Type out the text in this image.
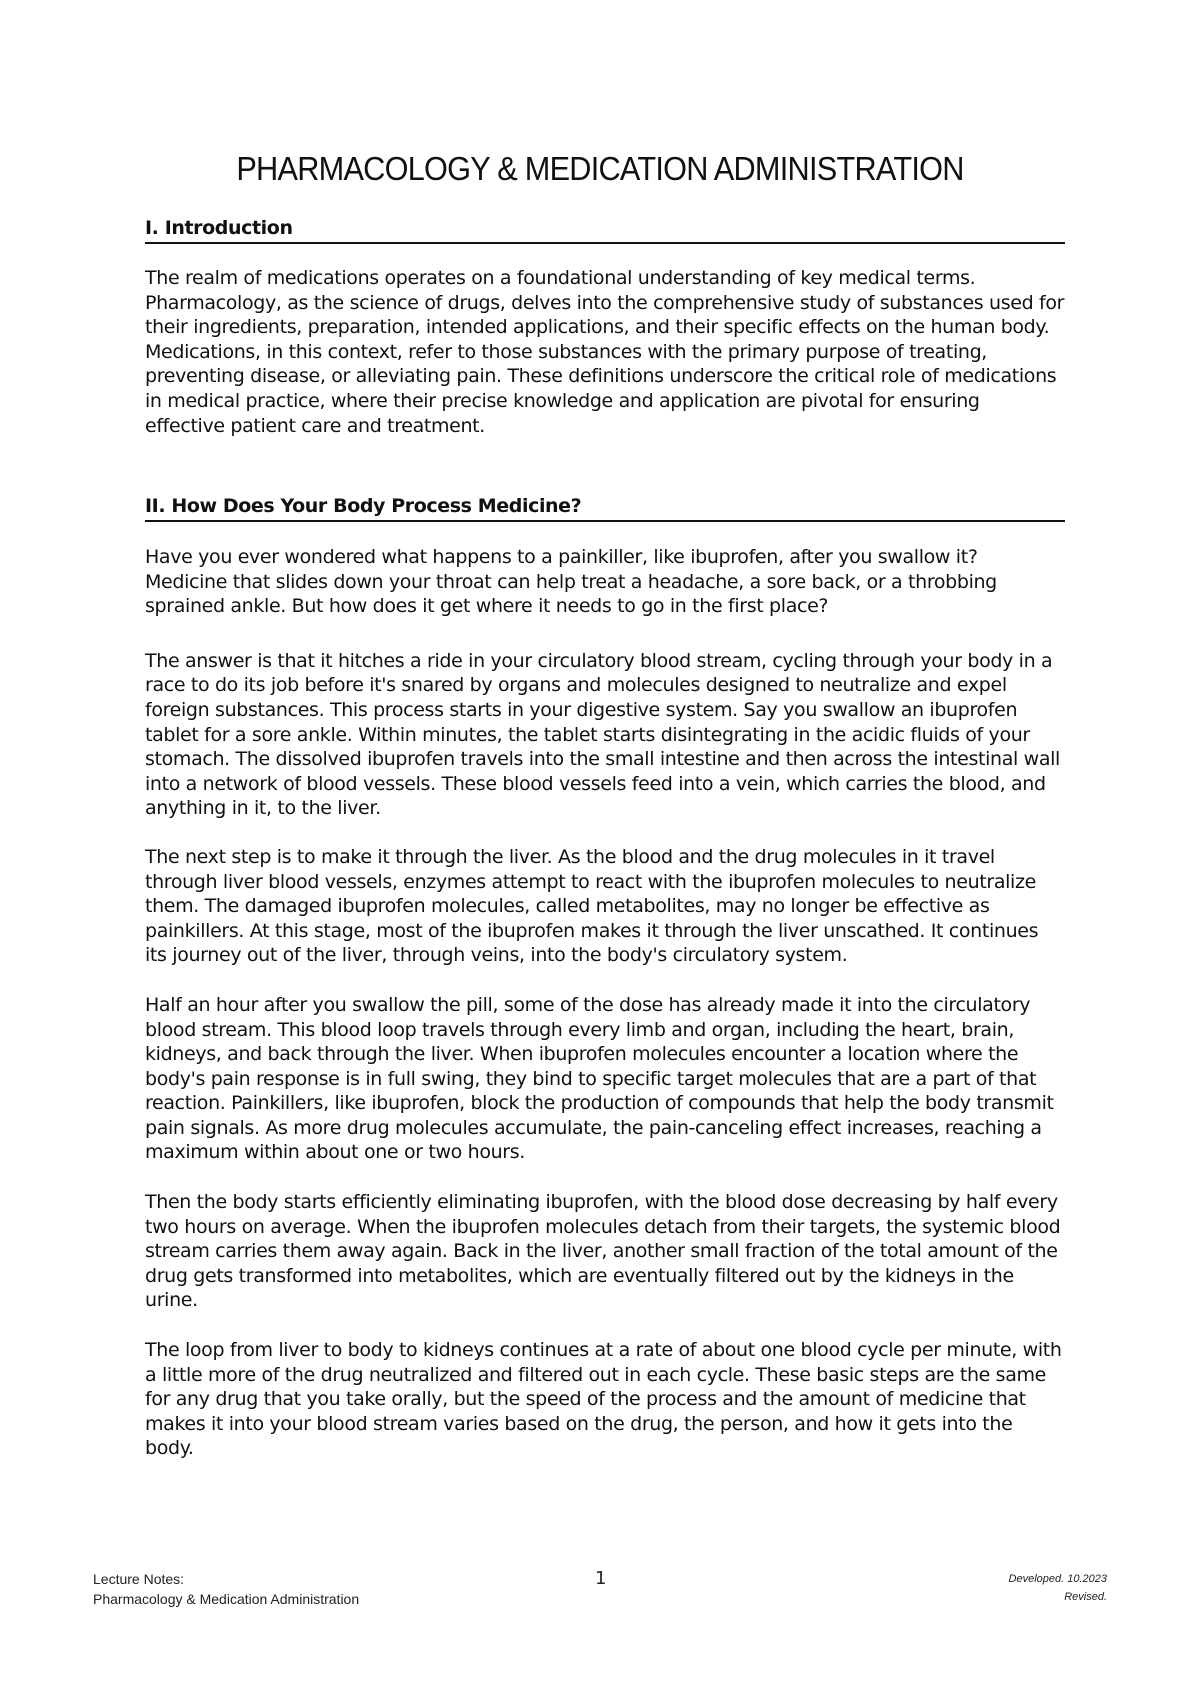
PHARMACOLOGY & MEDICATION ADMINISTRATION
I. Introduction

The realm of medications operates on a foundational understanding of key medical terms. Pharmacology, as the science of drugs, delves into the comprehensive study of substances used for their ingredients, preparation, intended applications, and their specific effects on the human body. Medications, in this context, refer to those substances with the primary purpose of treating, preventing disease, or alleviating pain. These definitions underscore the critical role of medications in medical practice, where their precise knowledge and application are pivotal for ensuring effective patient care and treatment.

II. How Does Your Body Process Medicine?

Have you ever wondered what happens to a painkiller, like ibuprofen, after you swallow it? Medicine that slides down your throat can help treat a headache, a sore back, or a throbbing sprained ankle. But how does it get where it needs to go in the first place?

The answer is that it hitches a ride in your circulatory blood stream, cycling through your body in a race to do its job before it's snared by organs and molecules designed to neutralize and expel foreign substances. This process starts in your digestive system. Say you swallow an ibuprofen tablet for a sore ankle. Within minutes, the tablet starts disintegrating in the acidic fluids of your stomach. The dissolved ibuprofen travels into the small intestine and then across the intestinal wall into a network of blood vessels. These blood vessels feed into a vein, which carries the blood, and anything in it, to the liver.

The next step is to make it through the liver. As the blood and the drug molecules in it travel through liver blood vessels, enzymes attempt to react with the ibuprofen molecules to neutralize them. The damaged ibuprofen molecules, called metabolites, may no longer be effective as painkillers. At this stage, most of the ibuprofen makes it through the liver unscathed. It continues its journey out of the liver, through veins, into the body's circulatory system.

Half an hour after you swallow the pill, some of the dose has already made it into the circulatory blood stream. This blood loop travels through every limb and organ, including the heart, brain, kidneys, and back through the liver. When ibuprofen molecules encounter a location where the body's pain response is in full swing, they bind to specific target molecules that are a part of that reaction. Painkillers, like ibuprofen, block the production of compounds that help the body transmit pain signals. As more drug molecules accumulate, the pain-canceling effect increases, reaching a maximum within about one or two hours.

Then the body starts efficiently eliminating ibuprofen, with the blood dose decreasing by half every two hours on average. When the ibuprofen molecules detach from their targets, the systemic blood stream carries them away again. Back in the liver, another small fraction of the total amount of the drug gets transformed into metabolites, which are eventually filtered out by the kidneys in the urine.

The loop from liver to body to kidneys continues at a rate of about one blood cycle per minute, with a little more of the drug neutralized and filtered out in each cycle. These basic steps are the same for any drug that you take orally, but the speed of the process and the amount of medicine that makes it into your blood stream varies based on the drug, the person, and how it gets into the body.

Lecture Notes:
Pharmacology & Medication Administration
1	Developed. 10.2023
Revised.
